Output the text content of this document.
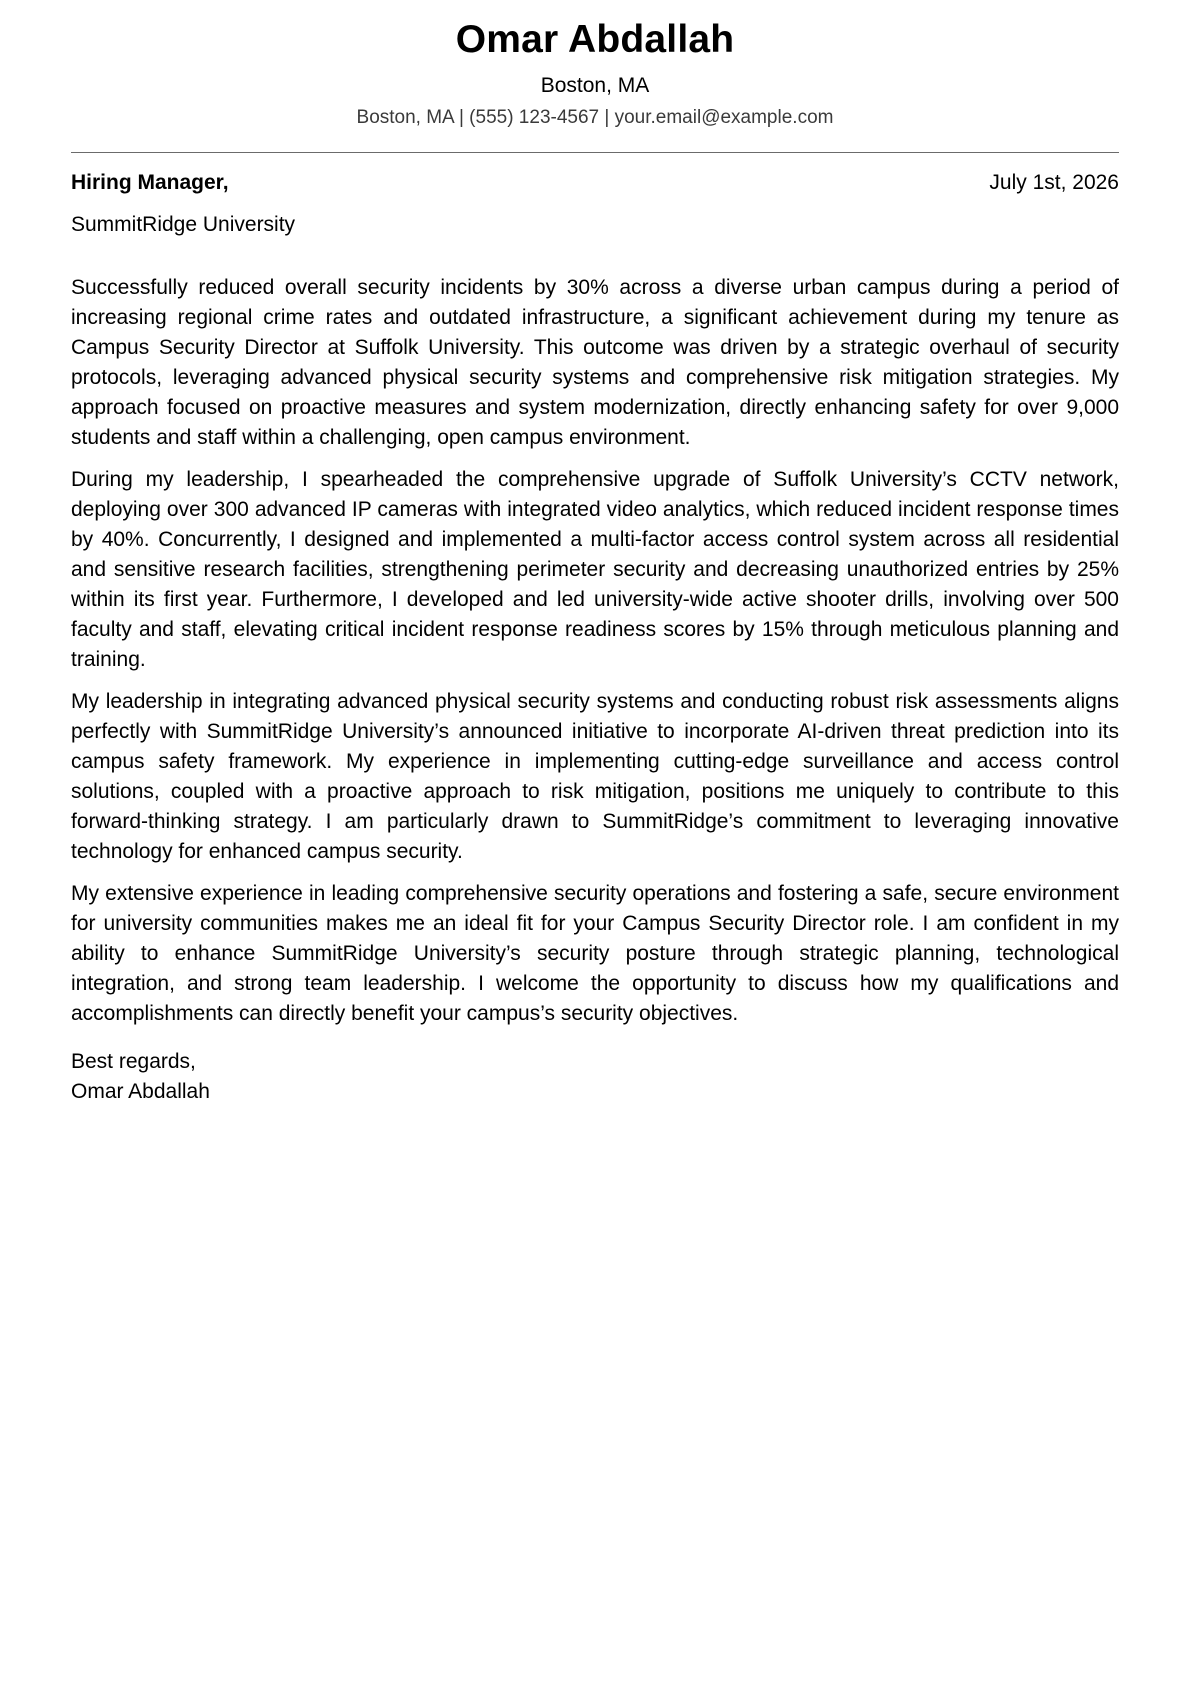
Omar Abdallah
Boston, MA
Boston, MA | (555) 123-4567 | your.email@example.com
Hiring Manager,	July 1st, 2026
SummitRidge University

Successfully reduced overall security incidents by 30% across a diverse urban campus during a period of increasing regional crime rates and outdated infrastructure, a significant achievement during my tenure as Campus Security Director at Suffolk University. This outcome was driven by a strategic overhaul of security protocols, leveraging advanced physical security systems and comprehensive risk mitigation strategies. My approach focused on proactive measures and system modernization, directly enhancing safety for over 9,000 students and staff within a challenging, open campus environment.

During my leadership, I spearheaded the comprehensive upgrade of Suffolk University’s CCTV network, deploying over 300 advanced IP cameras with integrated video analytics, which reduced incident response times by 40%. Concurrently, I designed and implemented a multi-factor access control system across all residential and sensitive research facilities, strengthening perimeter security and decreasing unauthorized entries by 25% within its first year. Furthermore, I developed and led university-wide active shooter drills, involving over 500 faculty and staff, elevating critical incident response readiness scores by 15% through meticulous planning and training.

My leadership in integrating advanced physical security systems and conducting robust risk assessments aligns perfectly with SummitRidge University’s announced initiative to incorporate AI-driven threat prediction into its campus safety framework. My experience in implementing cutting-edge surveillance and access control solutions, coupled with a proactive approach to risk mitigation, positions me uniquely to contribute to this forward-thinking strategy. I am particularly drawn to SummitRidge’s commitment to leveraging innovative technology for enhanced campus security.

My extensive experience in leading comprehensive security operations and fostering a safe, secure environment for university communities makes me an ideal fit for your Campus Security Director role. I am confident in my ability to enhance SummitRidge University’s security posture through strategic planning, technological integration, and strong team leadership. I welcome the opportunity to discuss how my qualifications and accomplishments can directly benefit your campus’s security objectives.

Best regards,
Omar Abdallah
